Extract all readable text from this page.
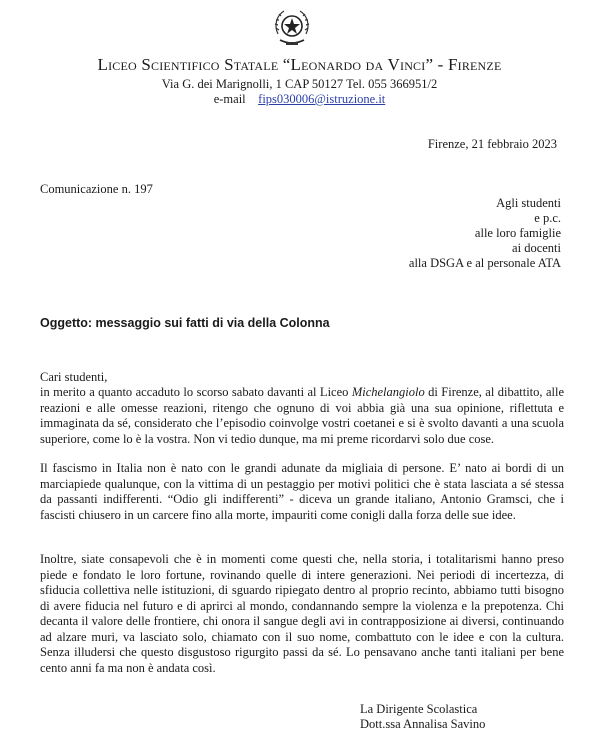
Liceo Scientifico Statale “Leonardo da Vinci” - Firenze
Via G. dei Marignolli, 1 CAP 50127 Tel. 055 366951/2
e-mail fips030006@istruzione.it
Firenze, 21 febbraio 2023
Comunicazione n. 197
Agli studenti
e p.c.
alle loro famiglie
ai docenti
alla DSGA e al personale ATA
Oggetto: messaggio sui fatti di via della Colonna

Cari studenti,

in merito a quanto accaduto lo scorso sabato davanti al Liceo Michelangiolo di Firenze, al dibattito, alle reazioni e alle omesse reazioni, ritengo che ognuno di voi abbia già una sua opinione, riflettuta e immaginata da sé, considerato che l’episodio coinvolge vostri coetanei e si è svolto davanti a una scuola superiore, come lo è la vostra. Non vi tedio dunque, ma mi preme ricordarvi solo due cose.

Il fascismo in Italia non è nato con le grandi adunate da migliaia di persone. E’ nato ai bordi di un marciapiede qualunque, con la vittima di un pestaggio per motivi politici che è stata lasciata a sé stessa da passanti indifferenti. “Odio gli indifferenti” - diceva un grande italiano, Antonio Gramsci, che i fascisti chiusero in un carcere fino alla morte, impauriti come conigli dalla forza delle sue idee.

Inoltre, siate consapevoli che è in momenti come questi che, nella storia, i totalitarismi hanno preso piede e fondato le loro fortune, rovinando quelle di intere generazioni. Nei periodi di incertezza, di sfiducia collettiva nelle istituzioni, di sguardo ripiegato dentro al proprio recinto, abbiamo tutti bisogno di avere fiducia nel futuro e di aprirci al mondo, condannando sempre la violenza e la prepotenza. Chi decanta il valore delle frontiere, chi onora il sangue degli avi in contrapposizione ai diversi, continuando ad alzare muri, va lasciato solo, chiamato con il suo nome, combattuto con le idee e con la cultura. Senza illudersi che questo disgustoso rigurgito passi da sé. Lo pensavano anche tanti italiani per bene cento anni fa ma non è andata così.

La Dirigente Scolastica
Dott.ssa Annalisa Savino
